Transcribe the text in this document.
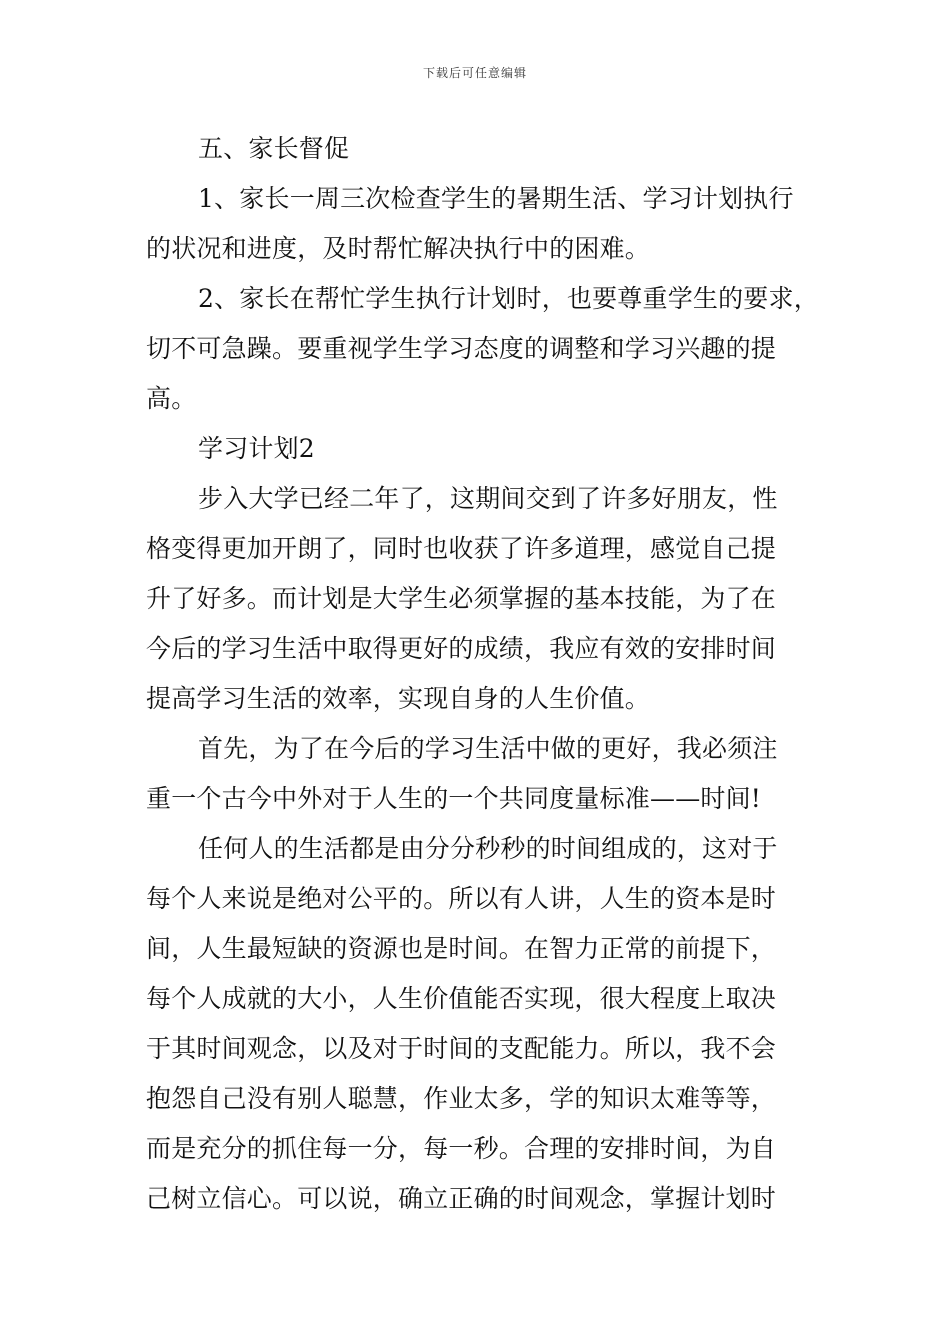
下载后可任意编辑
五、家长督促
1、家长一周三次检查学生的暑期生活、学习计划执行
的状况和进度，及时帮忙解决执行中的困难。
2、家长在帮忙学生执行计划时，也要尊重学生的要求，
切不可急躁。要重视学生学习态度的调整和学习兴趣的提
高。
学习计划2
步入大学已经二年了，这期间交到了许多好朋友，性
格变得更加开朗了，同时也收获了许多道理，感觉自己提
升了好多。而计划是大学生必须掌握的基本技能，为了在
今后的学习生活中取得更好的成绩，我应有效的安排时间
提高学习生活的效率，实现自身的人生价值。
首先，为了在今后的学习生活中做的更好，我必须注
重一个古今中外对于人生的一个共同度量标准——时间!
任何人的生活都是由分分秒秒的时间组成的，这对于
每个人来说是绝对公平的。所以有人讲，人生的资本是时
间，人生最短缺的资源也是时间。在智力正常的前提下，
每个人成就的大小，人生价值能否实现，很大程度上取决
于其时间观念，以及对于时间的支配能力。所以，我不会
抱怨自己没有别人聪慧，作业太多，学的知识太难等等，
而是充分的抓住每一分，每一秒。合理的安排时间，为自
己树立信心。可以说，确立正确的时间观念，掌握计划时
